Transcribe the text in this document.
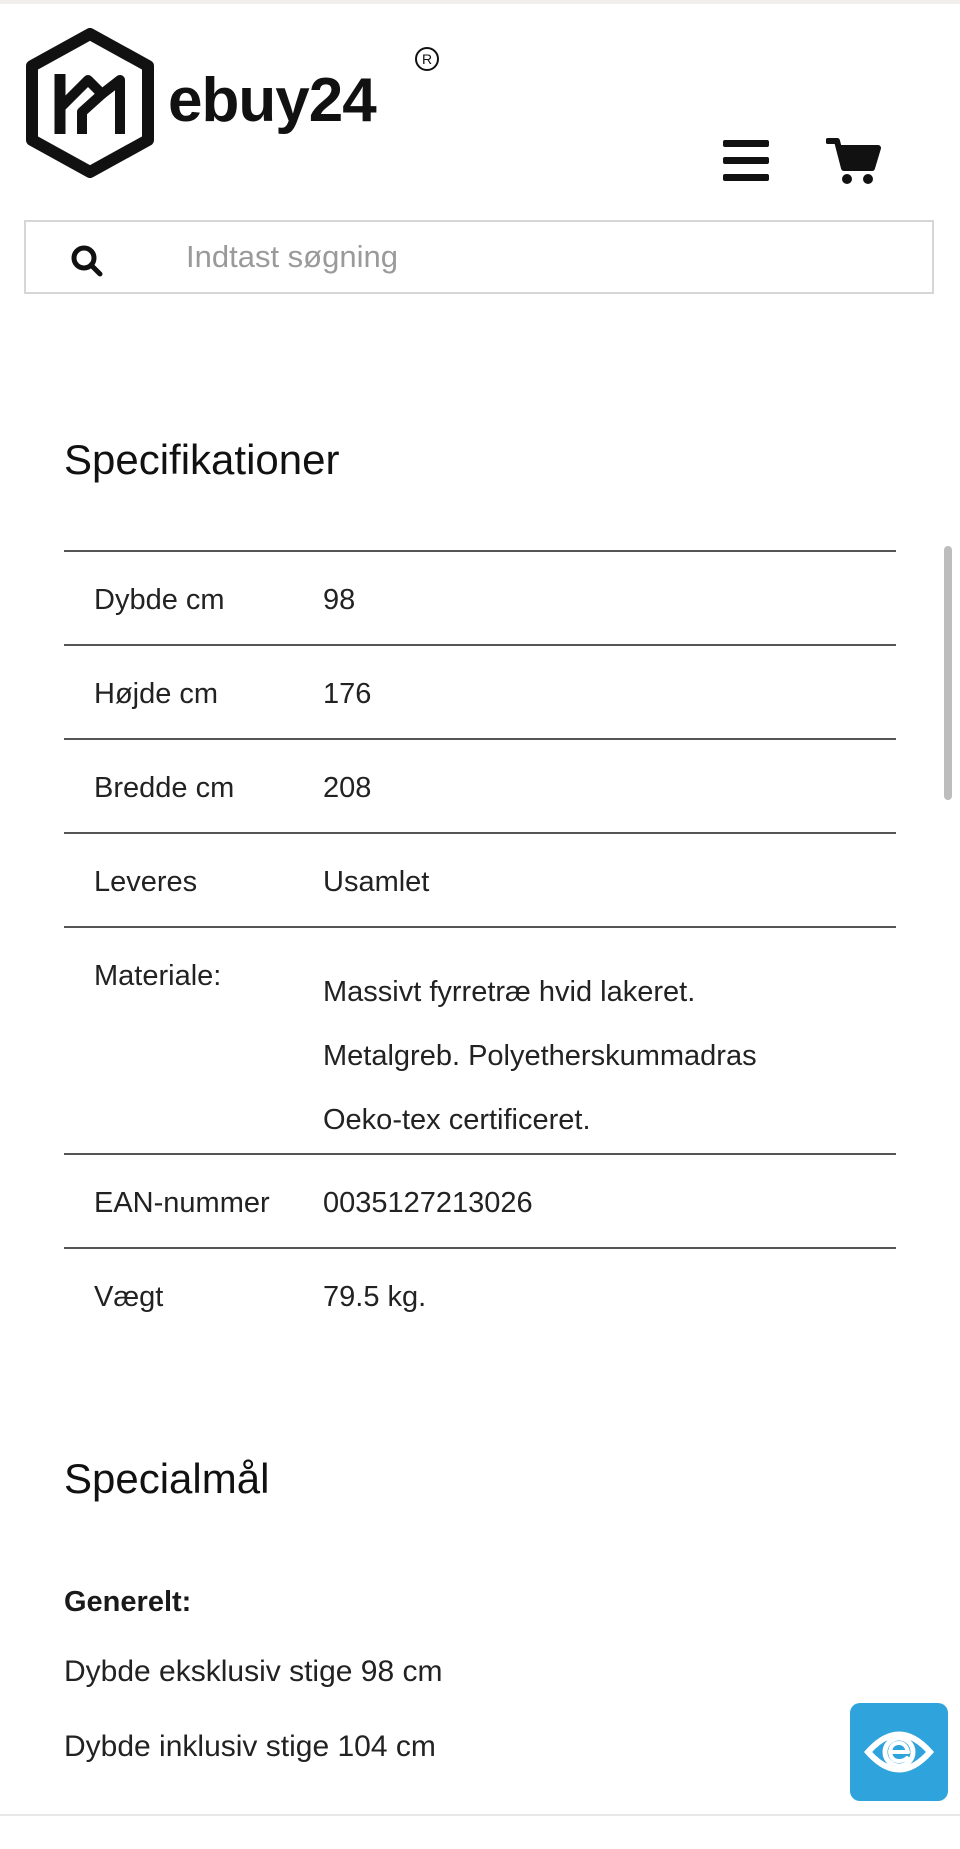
ebuy24
R
Indtast søgning
Specifikationer
Dybde cm	98
Højde cm	176
Bredde cm	208
Leveres	Usamlet
Materiale:	Massivt fyrretræ hvid lakeret.
Metalgreb. Polyetherskummadras
Oeko-tex certificeret.

EAN-nummer	0035127213026
Vægt	79.5 kg.
Specialmål

Generelt:

Dybde eksklusiv stige 98 cm

Dybde inklusiv stige 104 cm
